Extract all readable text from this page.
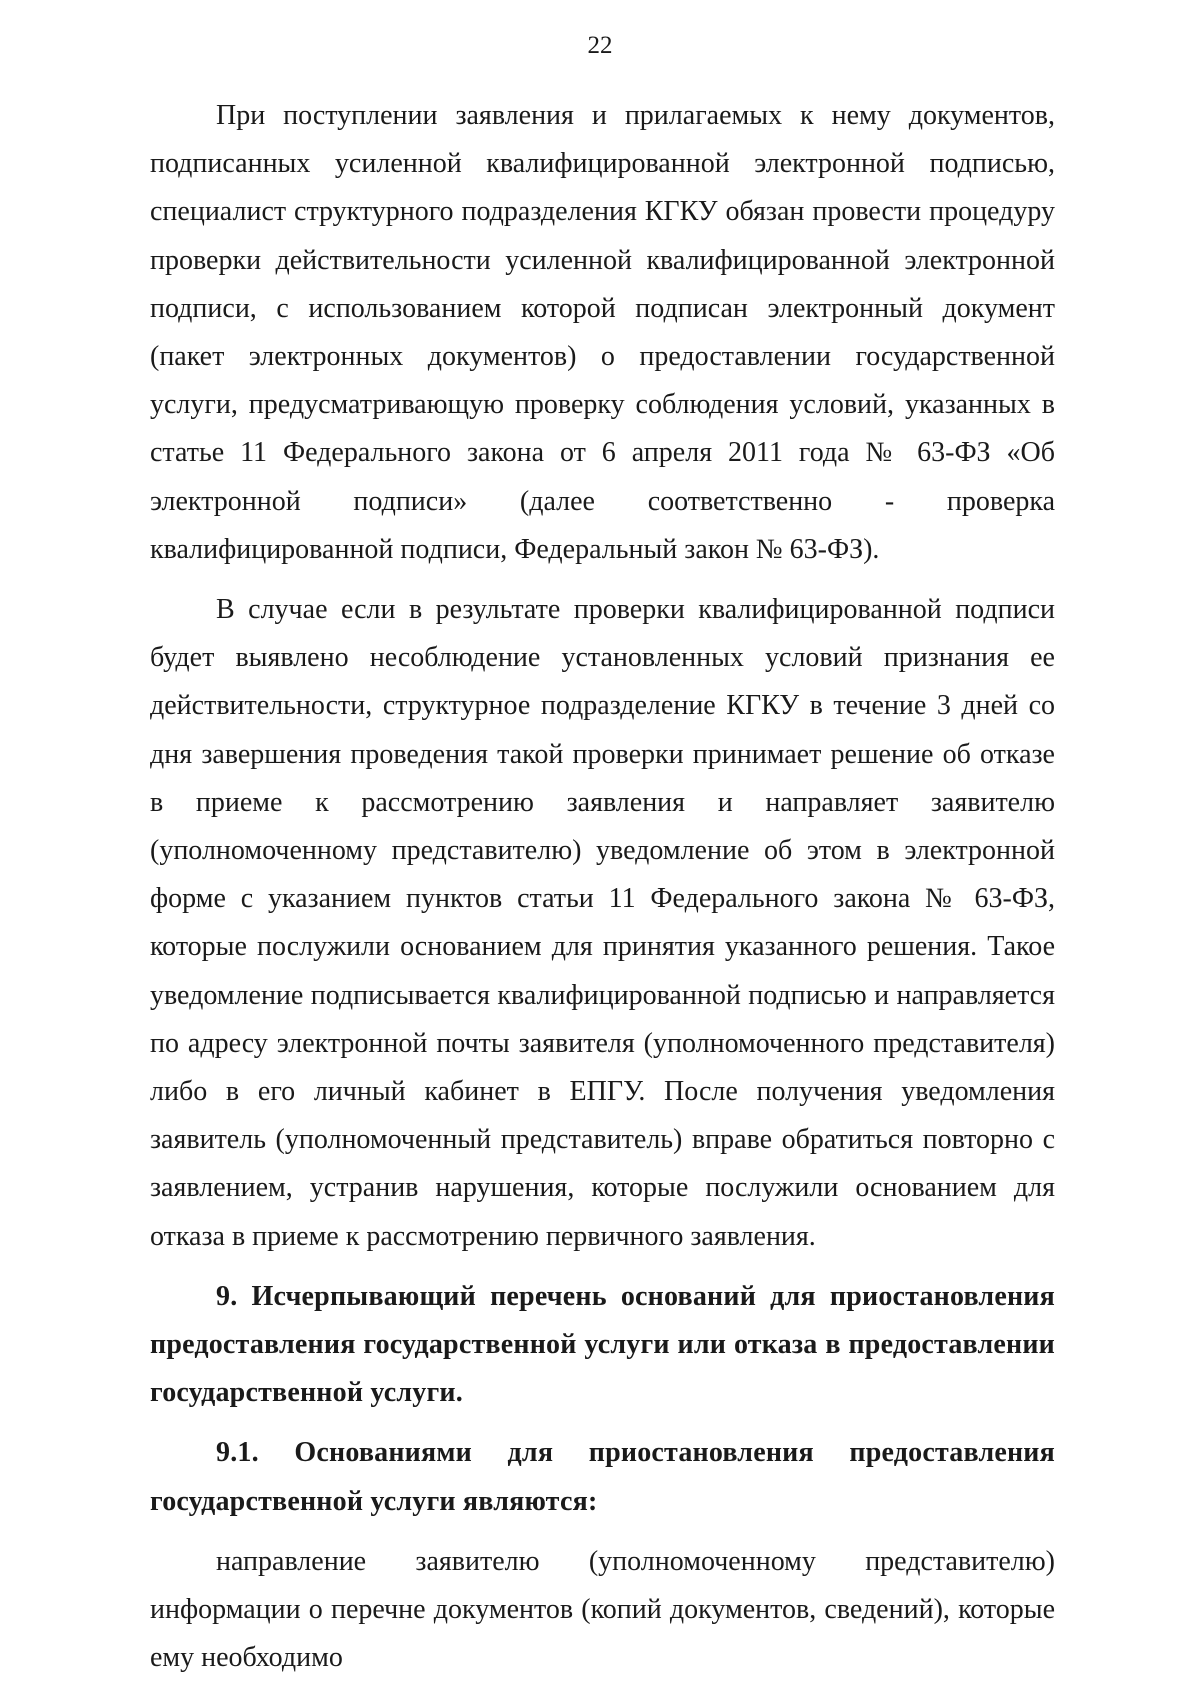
22

При поступлении заявления и прилагаемых к нему документов, подписанных усиленной квалифицированной электронной подписью, специалист структурного подразделения КГКУ обязан провести процедуру проверки действительности усиленной квалифицированной электронной подписи, с использованием которой подписан электронный документ (пакет электронных документов) о предоставлении государственной услуги, предусматривающую проверку соблюдения условий, указанных в статье 11 Федерального закона от 6 апреля 2011 года № 63-ФЗ «Об электронной подписи» (далее соответственно - проверка квалифицированной подписи, Федеральный закон № 63-ФЗ).

В случае если в результате проверки квалифицированной подписи будет выявлено несоблюдение установленных условий признания ее действительности, структурное подразделение КГКУ в течение 3 дней со дня завершения проведения такой проверки принимает решение об отказе в приеме к рассмотрению заявления и направляет заявителю (уполномоченному представителю) уведомление об этом в электронной форме с указанием пунктов статьи 11 Федерального закона № 63-ФЗ, которые послужили основанием для принятия указанного решения. Такое уведомление подписывается квалифицированной подписью и направляется по адресу электронной почты заявителя (уполномоченного представителя) либо в его личный кабинет в ЕПГУ. После получения уведомления заявитель (уполномоченный представитель) вправе обратиться повторно с заявлением, устранив нарушения, которые послужили основанием для отказа в приеме к рассмотрению первичного заявления.

9. Исчерпывающий перечень оснований для приостановления предоставления государственной услуги или отказа в предоставлении государственной услуги.

9.1. Основаниями для приостановления предоставления государственной услуги являются:

направление заявителю (уполномоченному представителю) информации о перечне документов (копий документов, сведений), которые ему необходимо
